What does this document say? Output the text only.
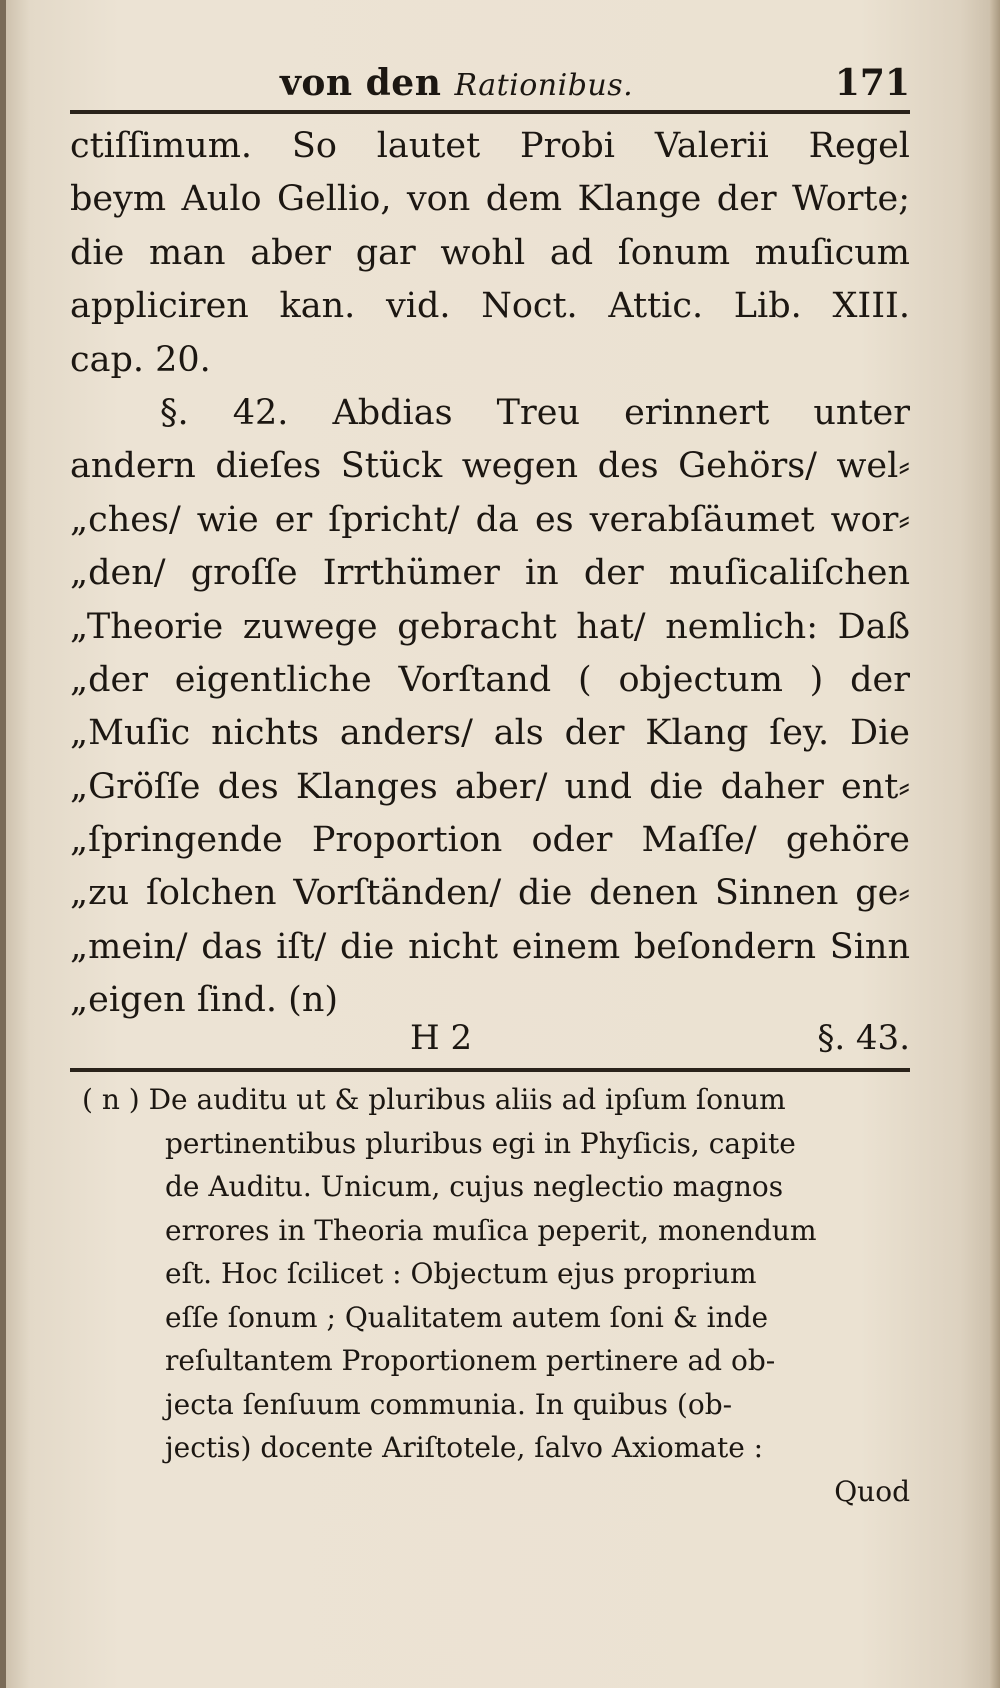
von den Rationibus.	171
ctiſſimum. So lautet Probi Valerii Regel
beym Aulo Gellio, von dem Klange der Worte;
die man aber gar wohl ad ſonum muſicum
appliciren kan. vid. Noct. Attic. Lib. XIII.
cap. 20.
§. 42. Abdias Treu erinnert unter
andern dieſes Stück wegen des Gehörs/ wel⸗
„ches/ wie er ſpricht/ da es verabſäumet wor⸗
„den/ groſſe Irrthümer in der muſicaliſchen
„Theorie zuwege gebracht hat/ nemlich: Daß
„der eigentliche Vorſtand ( objectum ) der
„Muſic nichts anders/ als der Klang ſey. Die
„Gröſſe des Klanges aber/ und die daher ent⸗
„ſpringende Proportion oder Maſſe/ gehöre
„zu ſolchen Vorſtänden/ die denen Sinnen ge⸗
„mein/ das iſt/ die nicht einem beſondern Sinn
„eigen ſind. (n)
H 2	§. 43.
( n ) De auditu ut & pluribus aliis ad ipſum ſonum
pertinentibus pluribus egi in Phyſicis, capite
de Auditu. Unicum, cujus neglectio magnos
errores in Theoria muſica peperit, monendum
eſt. Hoc ſcilicet : Objectum ejus proprium
eſſe ſonum ; Qualitatem autem ſoni & inde
reſultantem Proportionem pertinere ad ob-
jecta ſenſuum communia. In quibus (ob-
jectis) docente Ariſtotele, ſalvo Axiomate :
Quod
